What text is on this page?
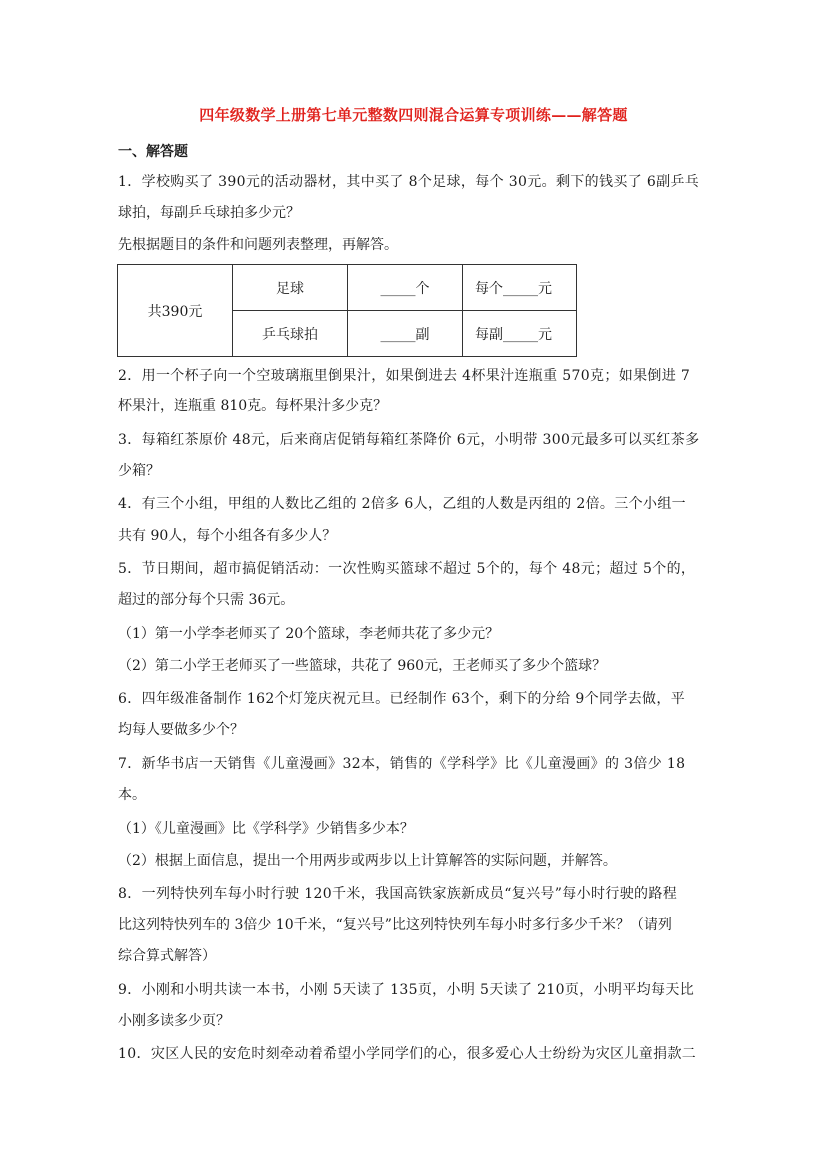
四年级数学上册第七单元整数四则混合运算专项训练——解答题
一、解答题
1．学校购买了 390元的活动器材，其中买了 8个足球，每个 30元。剩下的钱买了 6副乒乓
球拍，每副乒乓球拍多少元？
先根据题目的条件和问题列表整理，再解答。
共390元	足球	_____个	每个_____元
	乒乓球拍	_____副	每副_____元
2．用一个杯子向一个空玻璃瓶里倒果汁，如果倒进去 4杯果汁连瓶重 570克；如果倒进 7
杯果汁，连瓶重 810克。每杯果汁多少克？
3．每箱红茶原价 48元，后来商店促销每箱红茶降价 6元，小明带 300元最多可以买红茶多
少箱？
4．有三个小组，甲组的人数比乙组的 2倍多 6人，乙组的人数是丙组的 2倍。三个小组一
共有 90人，每个小组各有多少人？
5．节日期间，超市搞促销活动：一次性购买篮球不超过 5个的，每个 48元；超过 5个的，
超过的部分每个只需 36元。
（1）第一小学李老师买了 20个篮球，李老师共花了多少元？
（2）第二小学王老师买了一些篮球，共花了 960元，王老师买了多少个篮球？
6．四年级准备制作 162个灯笼庆祝元旦。已经制作 63个，剩下的分给 9个同学去做，平
均每人要做多少个？
7．新华书店一天销售《儿童漫画》32本，销售的《学科学》比《儿童漫画》的 3倍少 18
本。
（1）《儿童漫画》比《学科学》少销售多少本？
（2）根据上面信息，提出一个用两步或两步以上计算解答的实际问题，并解答。
8．一列特快列车每小时行驶 120千米，我国高铁家族新成员“复兴号”每小时行驶的路程
比这列特快列车的 3倍少 10千米，“复兴号”比这列特快列车每小时多行多少千米？（请列
综合算式解答）
9．小刚和小明共读一本书，小刚 5天读了 135页，小明 5天读了 210页，小明平均每天比
小刚多读多少页？
10．灾区人民的安危时刻牵动着希望小学同学们的心，很多爱心人士纷纷为灾区儿童捐款二
